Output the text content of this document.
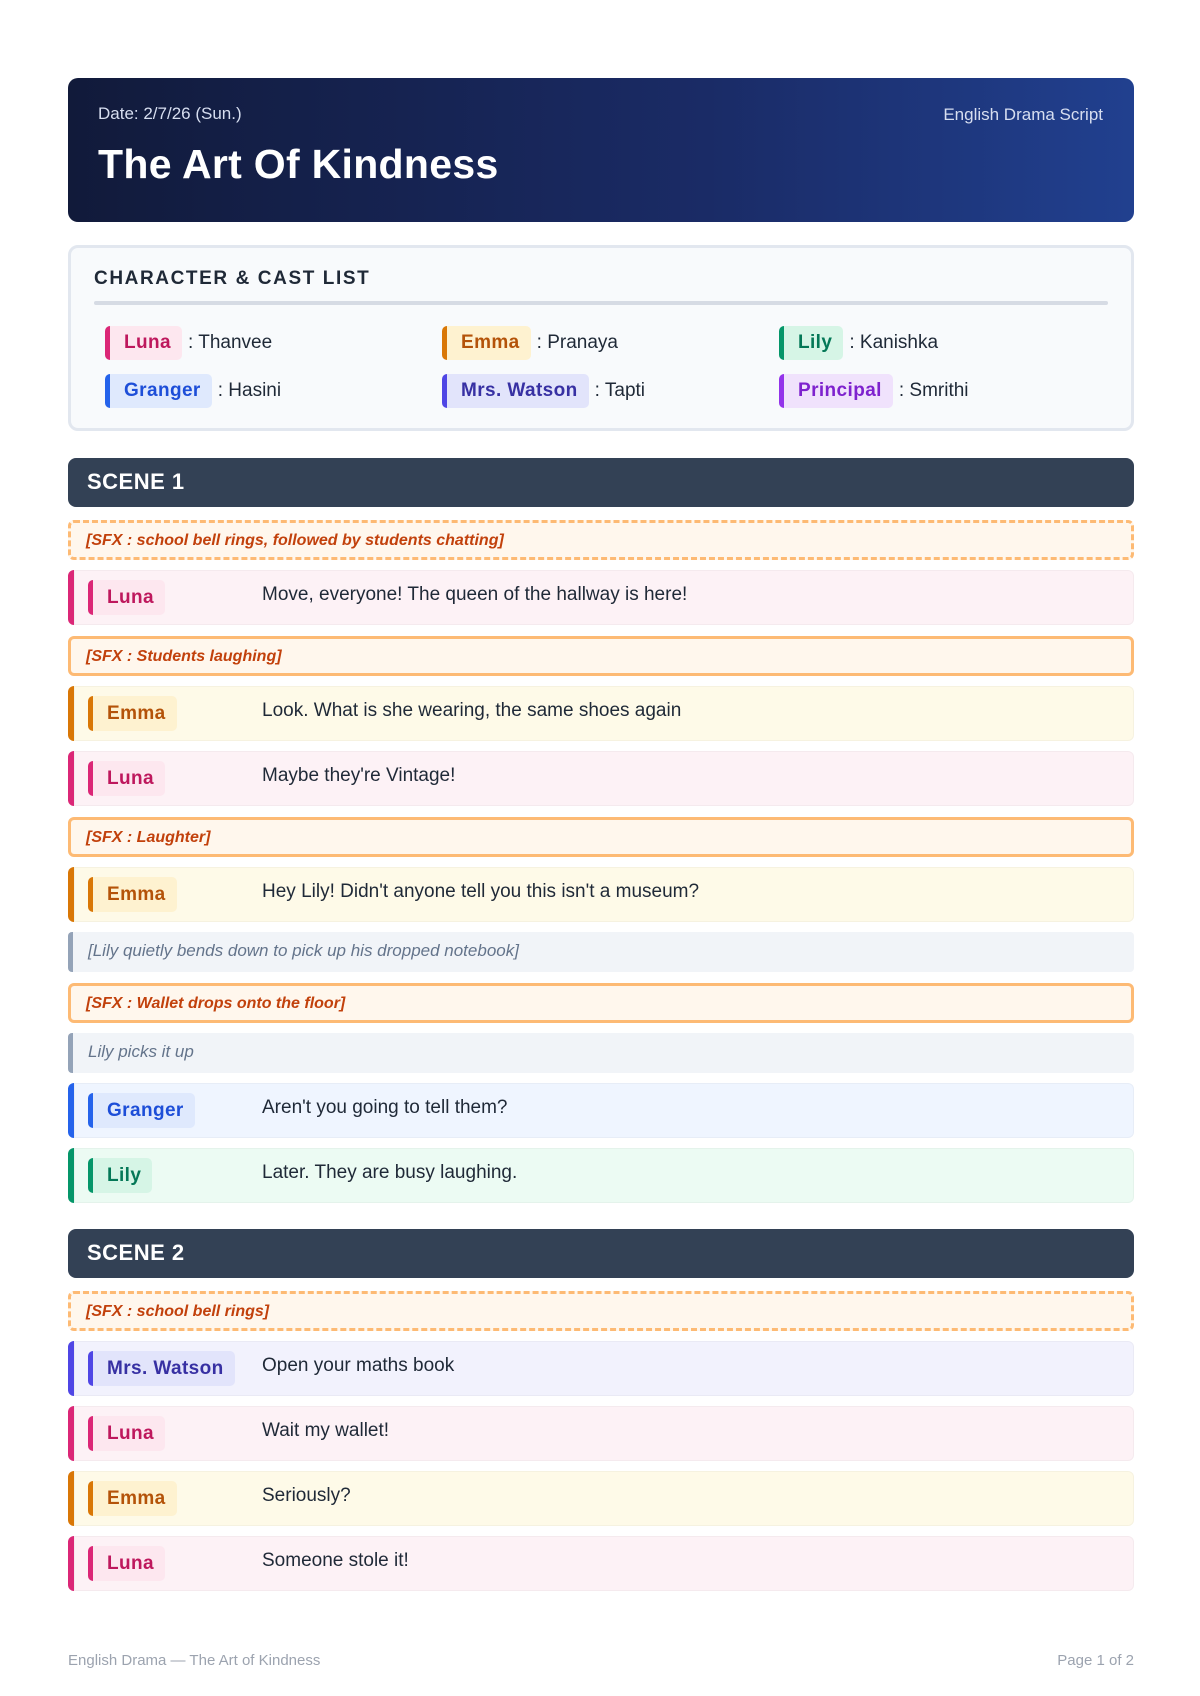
Date: 2/7/26 (Sun.)	English Drama Script
The Art Of Kindness
CHARACTER & CAST LIST
Luna : Thanvee	Emma : Pranaya	Lily : Kanishka
Granger : Hasini	Mrs. Watson : Tapti	Principal : Smrithi
SCENE 1
[SFX : school bell rings, followed by students chatting]
Luna	Move, everyone! The queen of the hallway is here!
[SFX : Students laughing]
Emma	Look. What is she wearing, the same shoes again
Luna	Maybe they're Vintage!
[SFX : Laughter]
Emma	Hey Lily! Didn't anyone tell you this isn't a museum?
[Lily quietly bends down to pick up his dropped notebook]
[SFX : Wallet drops onto the floor]
Lily picks it up
Granger	Aren't you going to tell them?
Lily	Later. They are busy laughing.
SCENE 2
[SFX : school bell rings]
Mrs. Watson	Open your maths book
Luna	Wait my wallet!
Emma	Seriously?
Luna	Someone stole it!
English Drama — The Art of Kindness	Page 1 of 2
